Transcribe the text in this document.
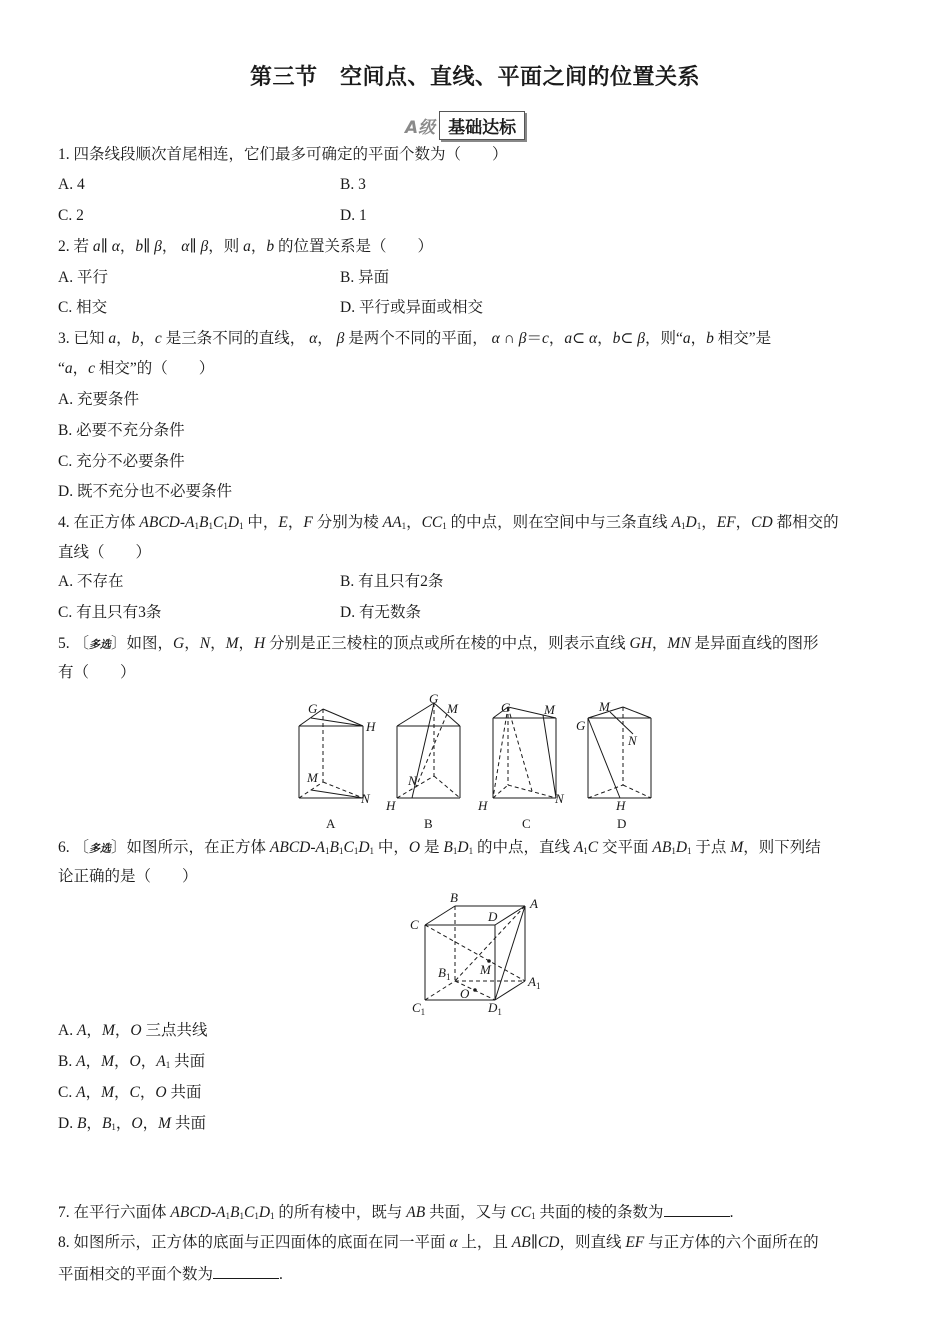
第三节　空间点、直线、平面之间的位置关系
A级 基础达标
1. 四条线段顺次首尾相连，它们最多可确定的平面个数为（　　）
A. 4	B. 3
C. 2	D. 1
2. 若 a∥ α，b∥ β， α∥ β，则 a，b 的位置关系是（　　）
A. 平行	B. 异面
C. 相交	D. 平行或异面或相交
3. 已知 a，b，c 是三条不同的直线， α， β 是两个不同的平面， α ∩ β＝c，a⊂ α，b⊂ β，则“a，b 相交”是
“a，c 相交”的（　　）
A. 充要条件
B. 必要不充分条件
C. 充分不必要条件
D. 既不充分也不必要条件
4. 在正方体 ABCD-$A_1B_1C_1D_1$ 中，E，F 分别为棱 $AA_1$，$CC_1$ 的中点，则在空间中与三条直线 $A_1D_1$，EF，CD 都相交的
直线（　　）
A. 不存在	B. 有且只有2条
C. 有且只有3条	D. 有无数条
5. 〔多选〕如图，G，N，M，H 分别是正三棱柱的顶点或所在棱的中点，则表示直线 GH，MN 是异面直线的图形
有（　　）
G
H
M
N
G
M
N
H
G	M
H	N
M
G
N
H
A	B	C	D
6. 〔多选〕如图所示，在正方体 ABCD-$A_1B_1C_1D_1$ 中，O 是 $B_1D_1$ 的中点，直线 $A_1C$ 交平面 $AB_1D_1$ 于点 M，则下列结
论正确的是（　　）
B	A
C
D
$B_1$ M
O
$A_1$
$C_1$	$D_1$
A. A，M，O 三点共线
B. A，M，O，$A_1$ 共面
C. A，M，C，O 共面
D. B，$B_1$，O，M 共面
7. 在平行六面体 ABCD-$A_1B_1C_1D_1$ 的所有棱中，既与 AB 共面，又与 $CC_1$ 共面的棱的条数为	.
8. 如图所示，正方体的底面与正四面体的底面在同一平面 α 上，且 AB∥CD，则直线 EF 与正方体的六个面所在的
平面相交的平面个数为	.
